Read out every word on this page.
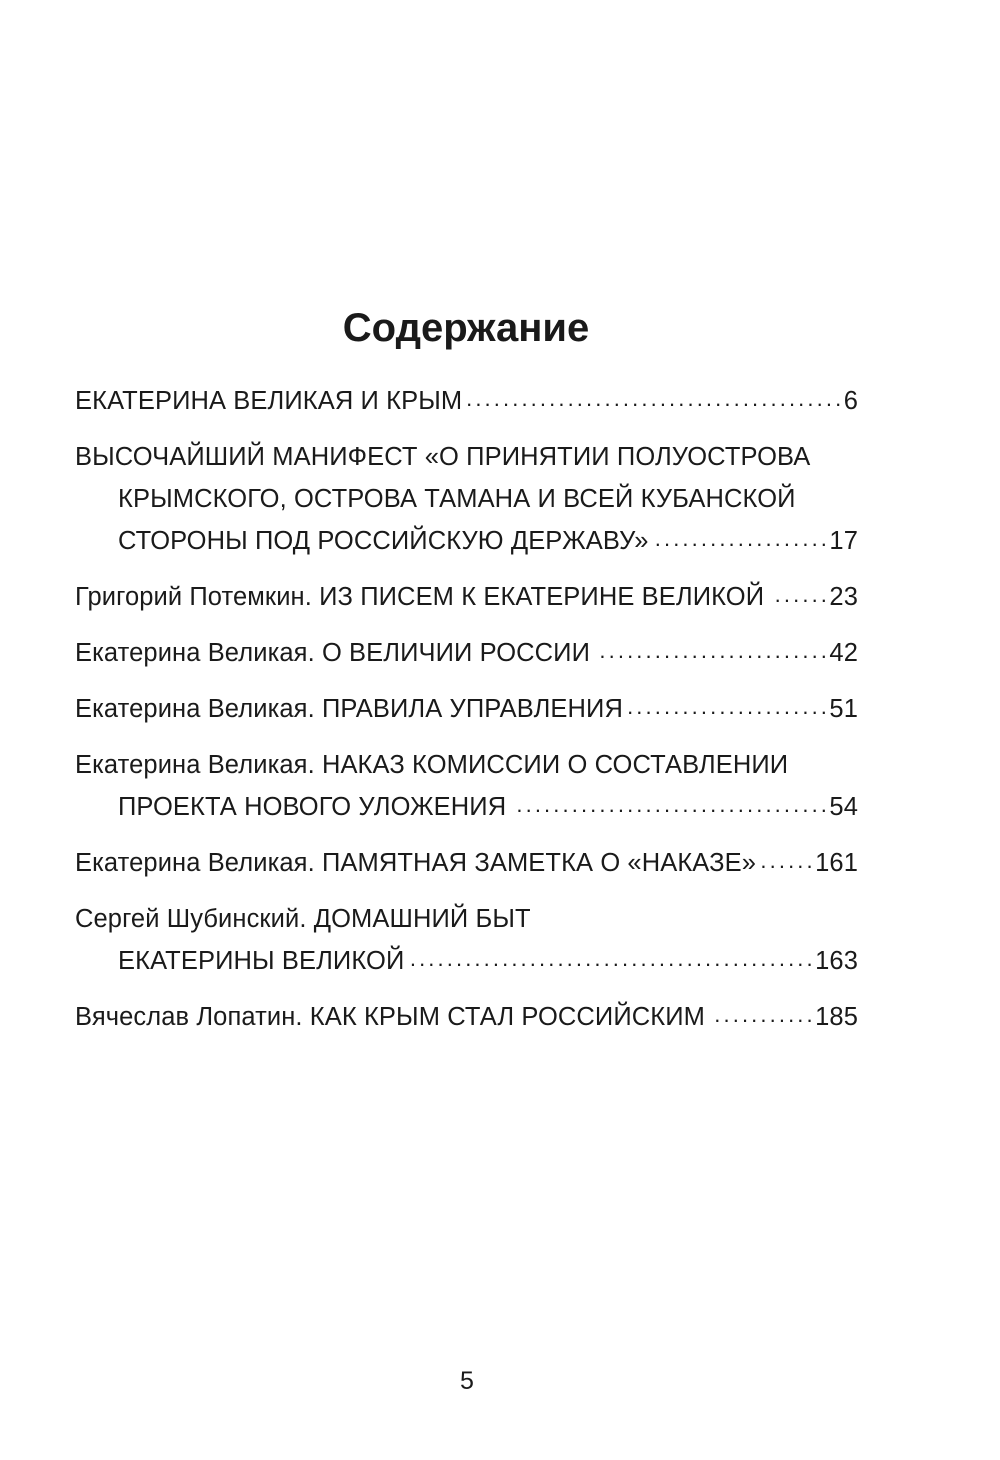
Содержание
ЕКАТЕРИНА ВЕЛИКАЯ И КРЫМ . . .	6
ВЫСОЧАЙШИЙ МАНИФЕСТ «О ПРИНЯТИИ ПОЛУОСТРОВА
КРЫМСКОГО, ОСТРОВА ТАМАНА И ВСЕЙ КУБАНСКОЙ
СТОРОНЫ ПОД РОССИЙСКУЮ ДЕРЖАВУ» . . .	17
Григорий Потемкин. ИЗ ПИСЕМ К ЕКАТЕРИНЕ ВЕЛИКОЙ . . .	23
Екатерина Великая. О ВЕЛИЧИИ РОССИИ . . .	42
Екатерина Великая. ПРАВИЛА УПРАВЛЕНИЯ . . .	51
Екатерина Великая. НАКАЗ КОМИССИИ О СОСТАВЛЕНИИ
ПРОЕКТА НОВОГО УЛОЖЕНИЯ . . .	54
Екатерина Великая. ПАМЯТНАЯ ЗАМЕТКА О «НАКАЗЕ» . . . 161
Сергей Шубинский. ДОМАШНИЙ БЫТ
ЕКАТЕРИНЫ ВЕЛИКОЙ . . .	163
Вячеслав Лопатин. КАК КРЫМ СТАЛ РОССИЙСКИМ . . .	185
5
